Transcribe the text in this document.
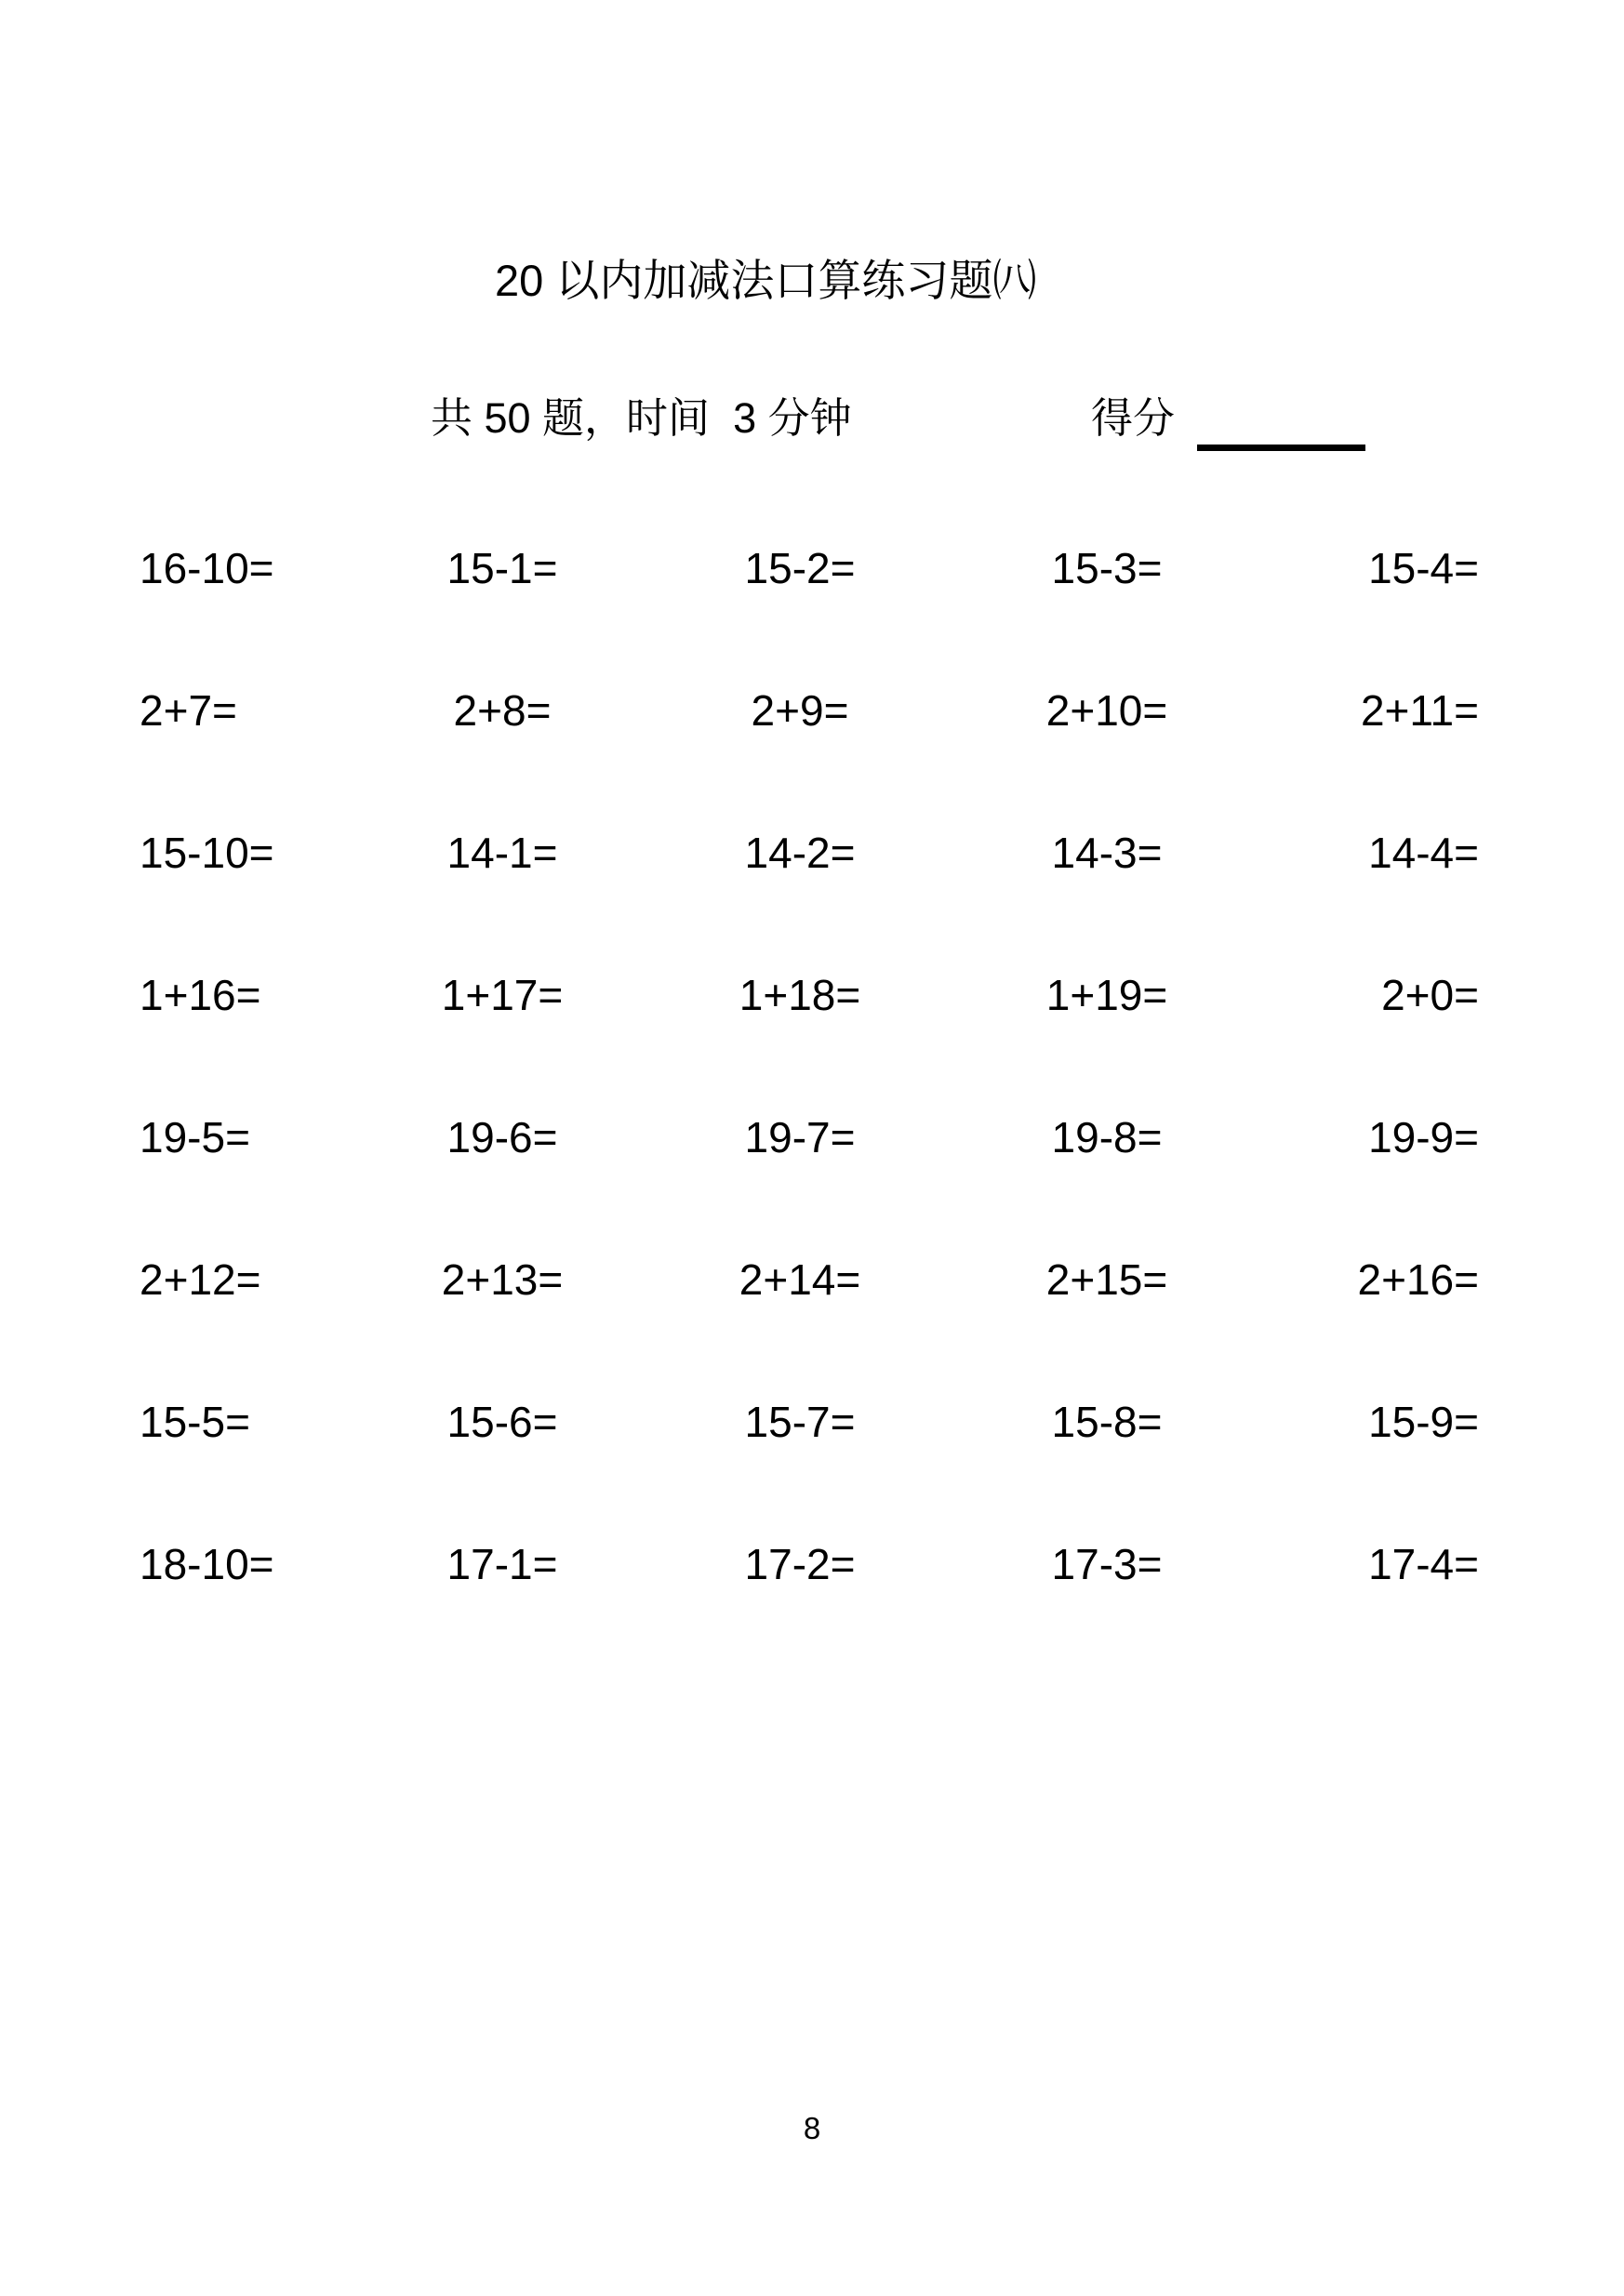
20 以内加减法口算练习题㈧
共 50 题，时间  3 分钟	得分
16-10=	15-1=	15-2=	15-3=	15-4=
2+7=	2+8=	2+9=	2+10=	2+11=
15-10=	14-1=	14-2=	14-3=	14-4=
1+16=	1+17=	1+18=	1+19=	2+0=
19-5=	19-6=	19-7=	19-8=	19-9=
2+12=	2+13=	2+14=	2+15=	2+16=
15-5=	15-6=	15-7=	15-8=	15-9=
18-10=	17-1=	17-2=	17-3=	17-4=
8
